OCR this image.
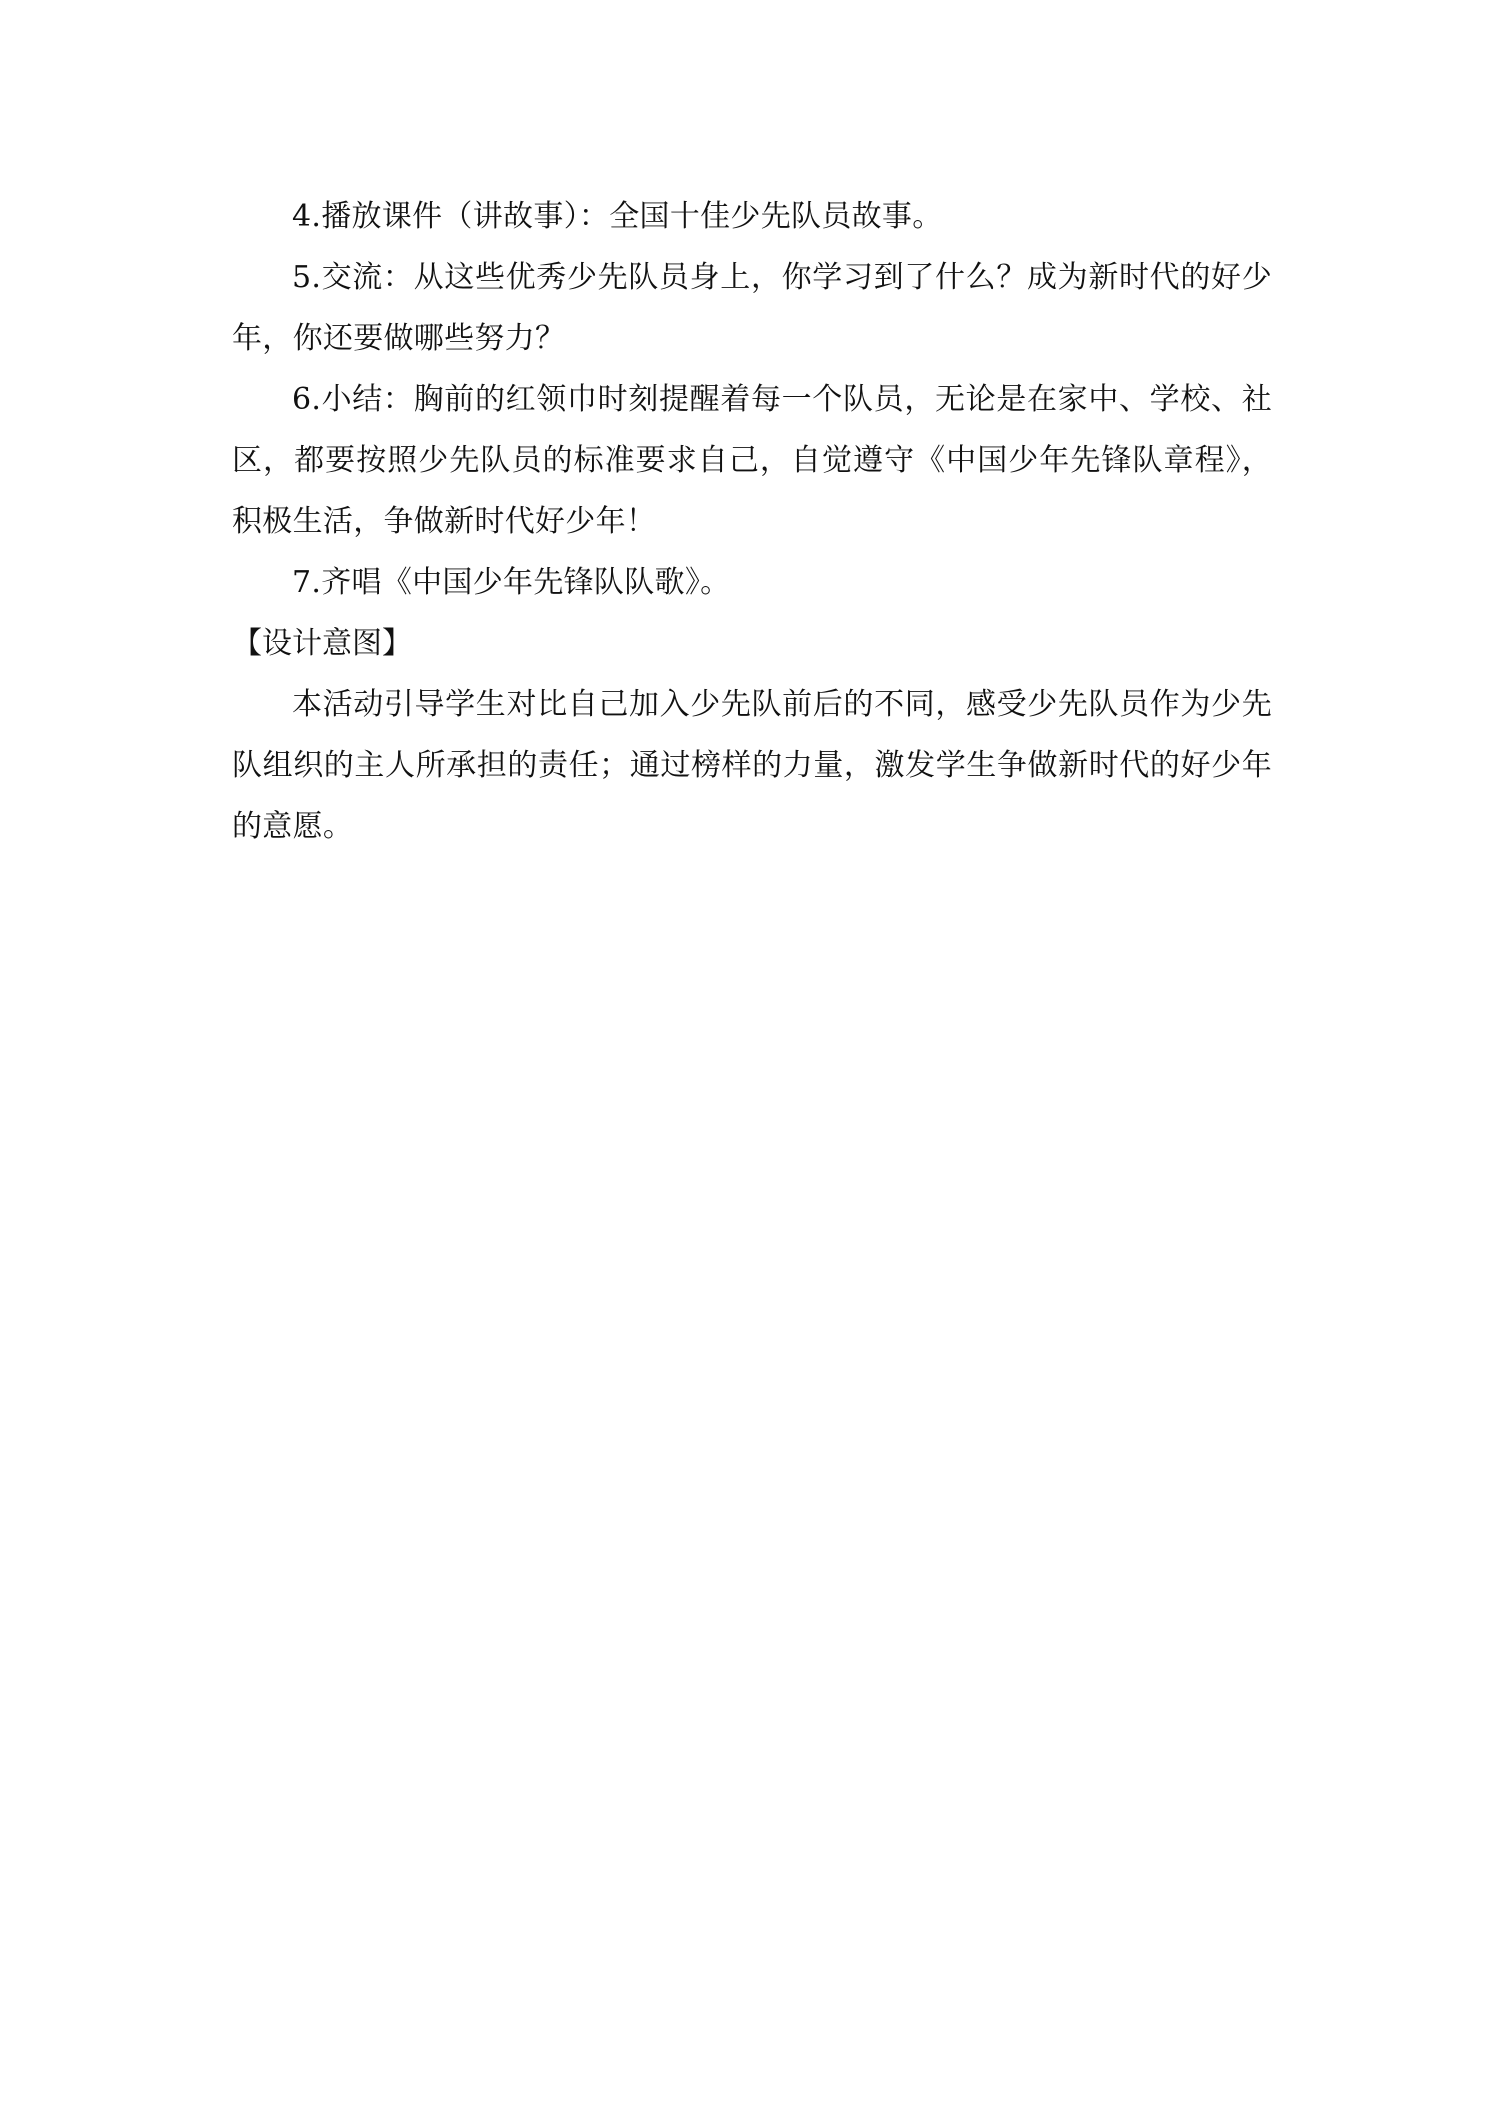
4.播放课件（讲故事）：全国十佳少先队员故事。

5.交流：从这些优秀少先队员身上，你学习到了什么？成为新时代的好少年，你还要做哪些努力？

6.小结：胸前的红领巾时刻提醒着每一个队员，无论是在家中、学校、社区，都要按照少先队员的标准要求自己，自觉遵守《中国少年先锋队章程》，积极生活，争做新时代好少年！

7.齐唱《中国少年先锋队队歌》。

【设计意图】

本活动引导学生对比自己加入少先队前后的不同，感受少先队员作为少先队组织的主人所承担的责任；通过榜样的力量，激发学生争做新时代的好少年的意愿。
